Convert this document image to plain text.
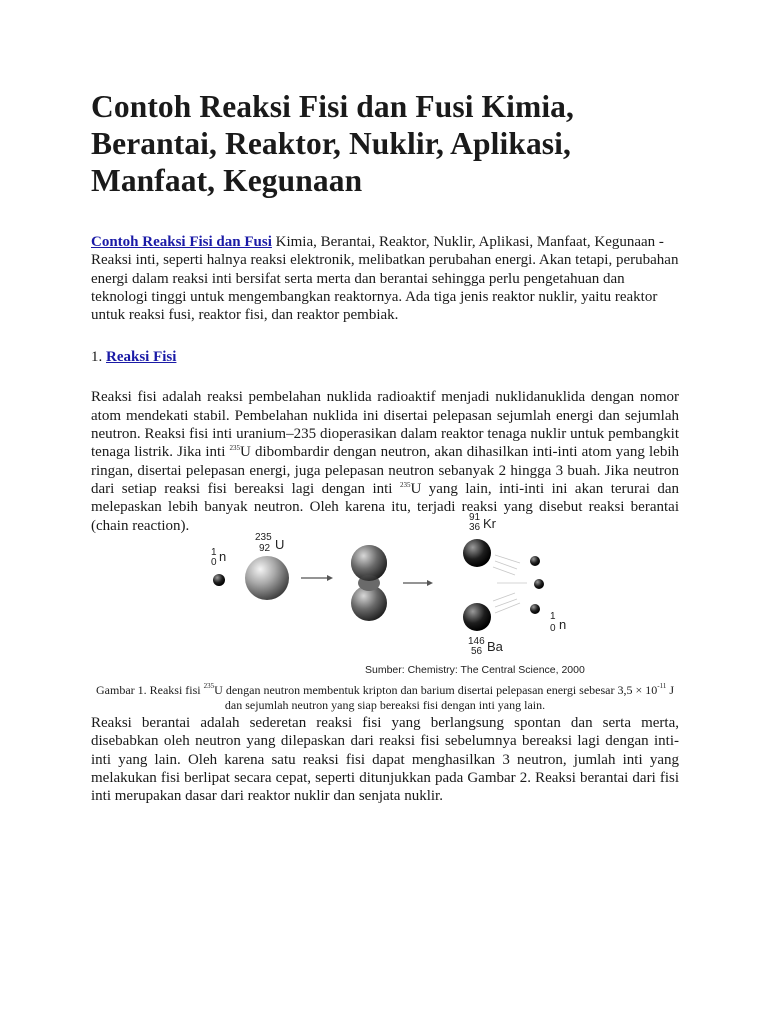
Contoh Reaksi Fisi dan Fusi Kimia, Berantai, Reaktor, Nuklir, Aplikasi, Manfaat, Kegunaan

Contoh Reaksi Fisi dan Fusi Kimia, Berantai, Reaktor, Nuklir, Aplikasi, Manfaat, Kegunaan - Reaksi inti, seperti halnya reaksi elektronik, melibatkan perubahan energi. Akan tetapi, perubahan energi dalam reaksi inti bersifat serta merta dan berantai sehingga perlu pengetahuan dan teknologi tinggi untuk mengembangkan reaktornya. Ada tiga jenis reaktor nuklir, yaitu reaktor untuk reaksi fusi, reaktor fisi, dan reaktor pembiak.

1. Reaksi Fisi

Reaksi fisi adalah reaksi pembelahan nuklida radioaktif menjadi nuklidanuklida dengan nomor atom mendekati stabil. Pembelahan nuklida ini disertai pelepasan sejumlah energi dan sejumlah neutron. Reaksi fisi inti uranium–235 dioperasikan dalam reaktor tenaga nuklir untuk pembangkit tenaga listrik. Jika inti $^{235}$U dibombardir dengan neutron, akan dihasilkan inti-inti atom yang lebih ringan, disertai pelepasan energi, juga pelepasan neutron sebanyak 2 hingga 3 buah. Jika neutron dari setiap reaksi fisi bereaksi lagi dengan inti $^{235}$U yang lain, inti-inti ini akan terurai dan melepaskan lebih banyak neutron. Oleh karena itu, terjadi reaksi yang disebut reaksi berantai (chain reaction).

1
0 n
235
92 U
91
36 Kr
146
56 Ba
1
0 n
Sumber: Chemistry: The Central Science, 2000
Gambar 1. Reaksi fisi $^{235}$U dengan neutron membentuk kripton dan barium disertai pelepasan energi sebesar $3,5 \times 10^{-11}$ J dan sejumlah neutron yang siap bereaksi fisi dengan inti yang lain.

Reaksi berantai adalah sederetan reaksi fisi yang berlangsung spontan dan serta merta, disebabkan oleh neutron yang dilepaskan dari reaksi fisi sebelumnya bereaksi lagi dengan inti-inti yang lain. Oleh karena satu reaksi fisi dapat menghasilkan 3 neutron, jumlah inti yang melakukan fisi berlipat secara cepat, seperti ditunjukkan pada Gambar 2. Reaksi berantai dari fisi inti merupakan dasar dari reaktor nuklir dan senjata nuklir.
